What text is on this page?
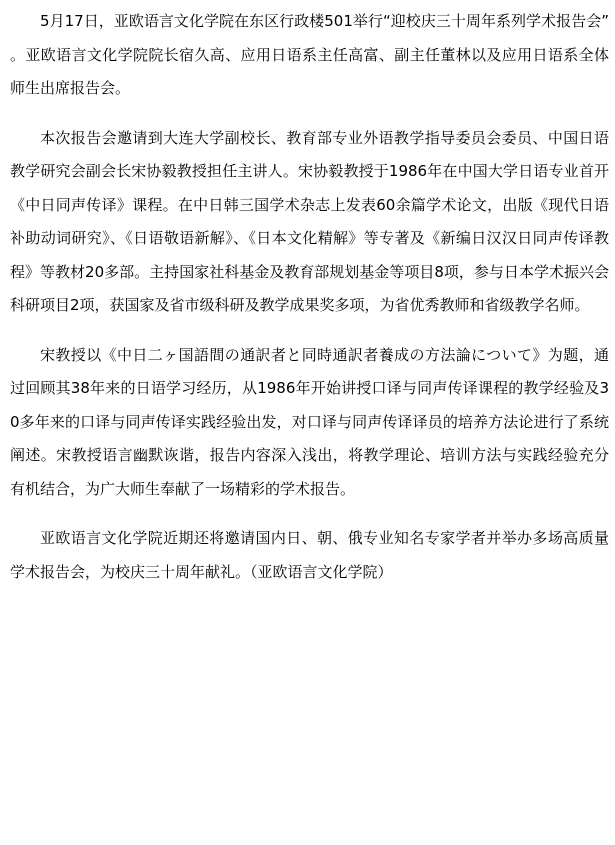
5月17日，亚欧语言文化学院在东区行政楼501举行“迎校庆三十周年系列学术报告会”。亚欧语言文化学院院长宿久高、应用日语系主任高富、副主任董林以及应用日语系全体师生出席报告会。

本次报告会邀请到大连大学副校长、教育部专业外语教学指导委员会委员、中国日语教学研究会副会长宋协毅教授担任主讲人。宋协毅教授于1986年在中国大学日语专业首开《中日同声传译》课程。在中日韩三国学术杂志上发表60余篇学术论文，出版《现代日语补助动词研究》、《日语敬语新解》、《日本文化精解》等专著及《新编日汉汉日同声传译教程》等教材20多部。主持国家社科基金及教育部规划基金等项目8项，参与日本学术振兴会科研项目2项，获国家及省市级科研及教学成果奖多项，为省优秀教师和省级教学名师。

宋教授以《中日二ヶ国語間の通訳者と同時通訳者養成の方法論について》为题，通过回顾其38年来的日语学习经历，从1986年开始讲授口译与同声传译课程的教学经验及30多年来的口译与同声传译实践经验出发，对口译与同声传译译员的培养方法论进行了系统阐述。宋教授语言幽默诙谐，报告内容深入浅出，将教学理论、培训方法与实践经验充分有机结合，为广大师生奉献了一场精彩的学术报告。

亚欧语言文化学院近期还将邀请国内日、朝、俄专业知名专家学者并举办多场高质量学术报告会，为校庆三十周年献礼。（亚欧语言文化学院）
